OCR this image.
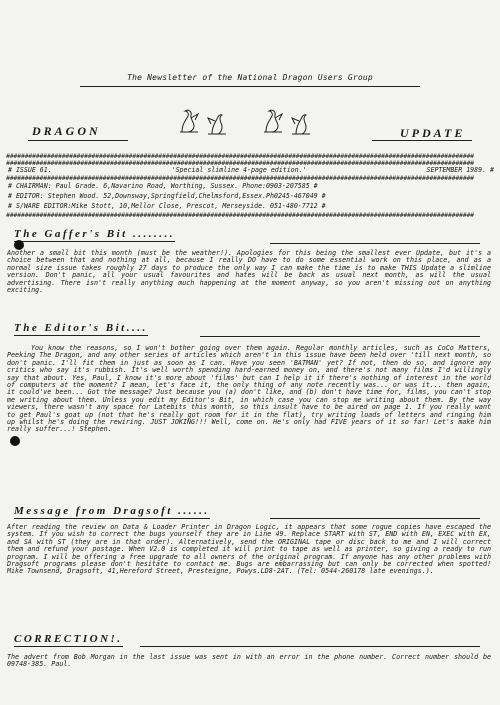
The Newsletter of the National Dragon Users Group
DRAGON	UPDATE
##############################################################################################################################
##############################################################################################################################
# ISSUE 61.	'Special slimline 4-page edition.'	SEPTEMBER 1989. #
##############################################################################################################################
# CHAIRMAN: Paul Grade. 6,Navarino Road, Worthing, Sussex. Phone:0903-207585 #
# EDITOR: Stephen Wood. 52,Downsway,Springfield,Chelmsford,Essex.Ph0245-467049 #
# S/WARE EDITOR:Mike Stott, 10,Mellor Close, Prescot, Merseyside. 051-480-7712 #
##############################################################################################################################
The Gaffer's Bit ........
Another a small bit this month (must be the weather!). Apologies for this being the smallest ever Update, but it's a choice between that and nothing at all, because I really DO have to do some essential work on this place, and as a normal size issue takes roughly 27 days to produce the only way I can make the time is to make THIS Update a slimline version. Don't panic, all your usual favourites and hates will be back as usual next month, as will the usual advertising. There isn't really anything much happening at the moment anyway, so you aren't missing out on anything exciting.
The Editor's Bit....
You know the reasons, so I won't bother going over them again. Regular monthly articles, such as CoCo Matters, Peeking The Dragon, and any other series of articles which aren't in this issue have been held over 'till next month, so don't panic. I'll fit them in just as soon as I can. Have you seen 'BATMAN' yet? If not, then do so, and ignore any critics who say it's rubbish. It's well worth spending hard-earned money on, and there's not many films I'd willingly say that about. Yes, Paul, I know it's more about 'films' but can I help it if there's nothing of interest in the world of computers at the moment? I mean, let's face it, the only thing of any note recently was... or was it... then again, it could've been... Got the message? Just because you (a) don't like, and (b) don't have time for, films, you can't stop me writing about them. Unless you edit my Editor's Bit, in which case you can stop me writing about them. By the way viewers, there wasn't any space for Latebits this month, so this insult have to be aired on page 1. If you really want to get Paul's goat up (not that he's really got room for it in the flat), try writing loads of letters and ringing him up whilst he's doing the rewiring. JUST JOKING!!! Well, come on. He's only had FIVE years of it so far! Let's make him really suffer...! Stephen.
Message from Dragsoft ......
After reading the review on Data & Loader Printer in Dragon Logic, it appears that some rogue copies have escaped the system. If you wish to correct the bugs yourself they are in Line 49. Replace START with ST, END with EN, EXEC with EX, and SA with ST (they are in that order). Alternatively, send the ORIGINAL tape or disc back to me and I will correct them and refund your postage. When V2.0 is completed it will print to tape as well as printer, so giving a ready to run program. I will be offering a free upgrade to all owners of the original program. If anyone has any other problems with Dragsoft programs please don't hesitate to contact me. Bugs are embarrassing but can only be corrected when spotted! Mike Townsend, Dragsoft, 41,Hereford Street, Presteigne, Powys.LD8-2AT. (Tel: 0544-260178 late evenings.).
CORRECTION!.
The advert from Bob Morgan in the last issue was sent in with an error in the phone number. Correct number should be 09748-385. Paul.
